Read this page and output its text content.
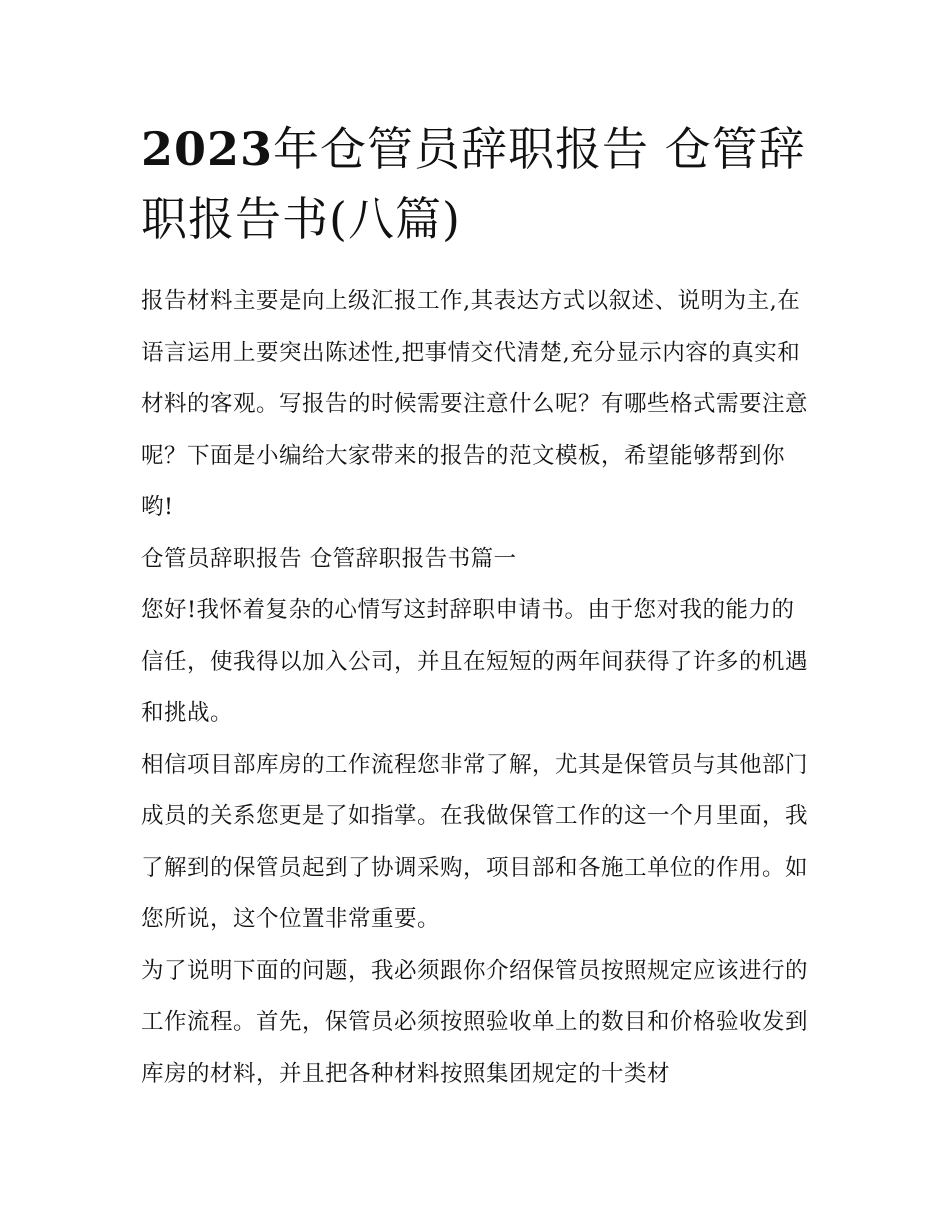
2023年仓管员辞职报告 仓管辞职报告书(八篇)

报告材料主要是向上级汇报工作,其表达方式以叙述、说明为主,在语言运用上要突出陈述性,把事情交代清楚,充分显示内容的真实和材料的客观。写报告的时候需要注意什么呢？有哪些格式需要注意呢？下面是小编给大家带来的报告的范文模板，希望能够帮到你哟!

仓管员辞职报告 仓管辞职报告书篇一

您好!我怀着复杂的心情写这封辞职申请书。由于您对我的能力的信任，使我得以加入公司，并且在短短的两年间获得了许多的机遇和挑战。

相信项目部库房的工作流程您非常了解，尤其是保管员与其他部门成员的关系您更是了如指掌。在我做保管工作的这一个月里面，我了解到的保管员起到了协调采购，项目部和各施工单位的作用。如您所说，这个位置非常重要。

为了说明下面的问题，我必须跟你介绍保管员按照规定应该进行的工作流程。首先，保管员必须按照验收单上的数目和价格验收发到库房的材料，并且把各种材料按照集团规定的十类材
